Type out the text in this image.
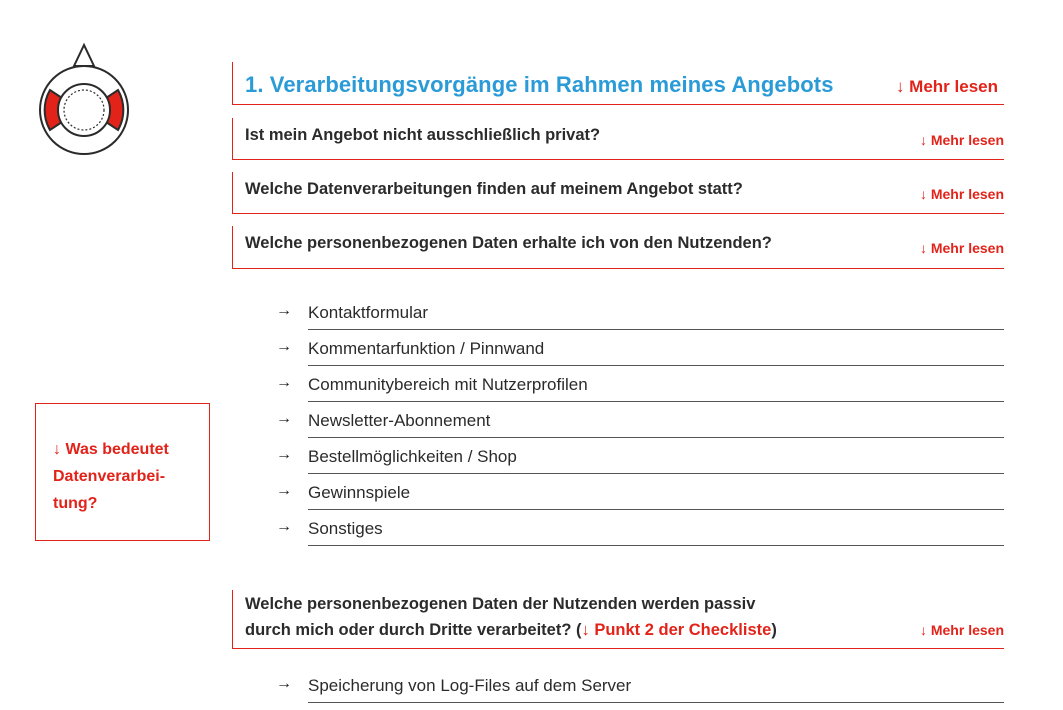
1. Verarbeitungsvorgänge im Rahmen meines Angebots	↓ Mehr lesen
Ist mein Angebot nicht ausschließlich privat?	↓ Mehr lesen
Welche Datenverarbeitungen finden auf meinem Angebot statt?	↓ Mehr lesen
Welche personenbezogenen Daten erhalte ich von den Nutzenden?	↓ Mehr lesen
→ Kontaktformular
→ Kommentarfunktion / Pinnwand
→ Communitybereich mit Nutzerprofilen
→ Newsletter-Abonnement
→ Bestellmöglichkeiten / Shop
→ Gewinnspiele
→ Sonstiges
↓ Was bedeutet
Datenverarbei-
tung?
Welche personenbezogenen Daten der Nutzenden werden passiv
durch mich oder durch Dritte verarbeitet? (↓ Punkt 2 der Checkliste)	↓ Mehr lesen
→ Speicherung von Log-Files auf dem Server
